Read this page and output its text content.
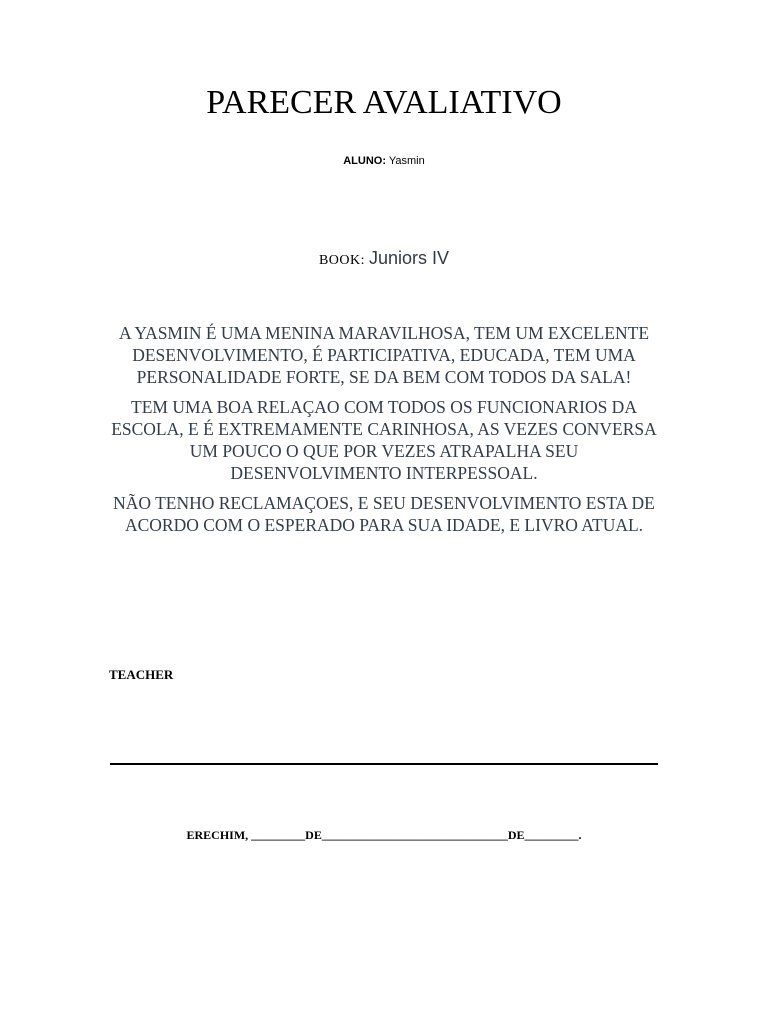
PARECER AVALIATIVO
ALUNO: Yasmin
BOOK: Juniors IV

A YASMIN É UMA MENINA MARAVILHOSA, TEM UM EXCELENTE DESENVOLVIMENTO, É PARTICIPATIVA, EDUCADA, TEM UMA PERSONALIDADE FORTE, SE DA BEM COM TODOS DA SALA!

TEM UMA BOA RELAÇAO COM TODOS OS FUNCIONARIOS DA ESCOLA, E É EXTREMAMENTE CARINHOSA, AS VEZES CONVERSA UM POUCO O QUE POR VEZES ATRAPALHA SEU DESENVOLVIMENTO INTERPESSOAL.

NÃO TENHO RECLAMAÇOES, E SEU DESENVOLVIMENTO ESTA DE ACORDO COM O ESPERADO PARA SUA IDADE, E LIVRO ATUAL.

TEACHER
ERECHIM, _________DE_______________________________DE_________.
